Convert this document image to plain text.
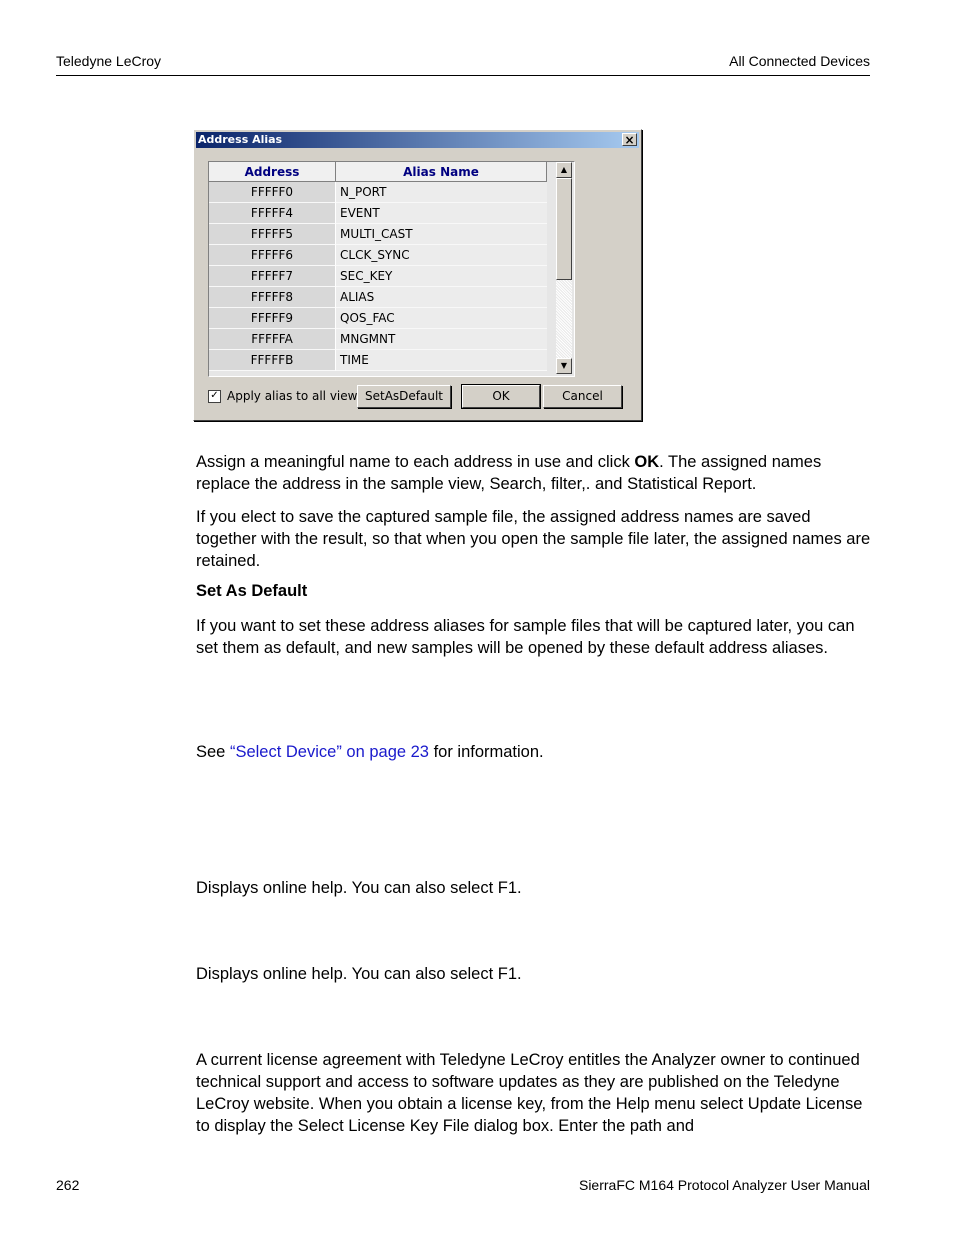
Teledyne LeCroy	All Connected Devices
Address Alias	×
Address	Alias Name
FFFFF0	N_PORT
FFFFF4	EVENT
FFFFF5	MULTI_CAST
FFFFF6	CLCK_SYNC
FFFFF7	SEC_KEY
FFFFF8	ALIAS
FFFFF9	QOS_FAC
FFFFFA	MNGMNT
FFFFFB	TIME
▲
▼
✓ Apply alias to all view SetAsDefault	OK	Cancel
Assign a meaningful name to each address in use and click OK. The assigned names replace the address in the sample view, Search, filter,. and Statistical Report.
If you elect to save the captured sample file, the assigned address names are saved together with the result, so that when you open the sample file later, the assigned names are retained.
Set As Default
If you want to set these address aliases for sample files that will be captured later, you can set them as default, and new samples will be opened by these default address aliases.
See “Select Device” on page 23 for information.
Displays online help. You can also select F1.
Displays online help. You can also select F1.
A current license agreement with Teledyne LeCroy entitles the Analyzer owner to continued technical support and access to software updates as they are published on the Teledyne LeCroy website. When you obtain a license key, from the Help menu select Update License to display the Select License Key File dialog box. Enter the path and
262	SierraFC M164 Protocol Analyzer User Manual
